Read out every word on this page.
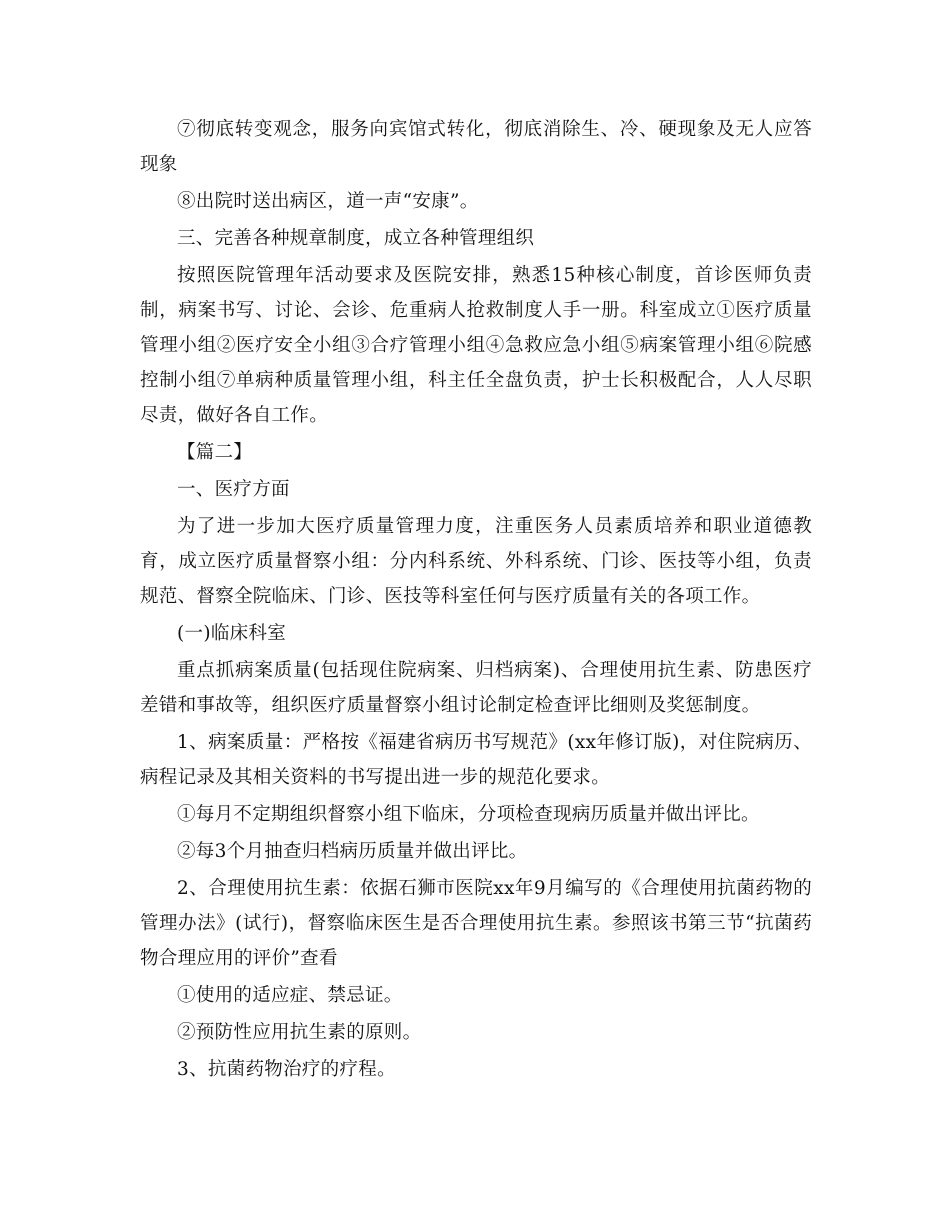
⑦彻底转变观念，服务向宾馆式转化，彻底消除生、冷、硬现象及无人应答现象

⑧出院时送出病区，道一声“安康”。

三、完善各种规章制度，成立各种管理组织

按照医院管理年活动要求及医院安排，熟悉15种核心制度，首诊医师负责制，病案书写、讨论、会诊、危重病人抢救制度人手一册。科室成立①医疗质量管理小组②医疗安全小组③合疗管理小组④急救应急小组⑤病案管理小组⑥院感控制小组⑦单病种质量管理小组，科主任全盘负责，护士长积极配合，人人尽职尽责，做好各自工作。

【篇二】

一、医疗方面

为了进一步加大医疗质量管理力度，注重医务人员素质培养和职业道德教育，成立医疗质量督察小组：分内科系统、外科系统、门诊、医技等小组，负责规范、督察全院临床、门诊、医技等科室任何与医疗质量有关的各项工作。

(一)临床科室

重点抓病案质量(包括现住院病案、归档病案)、合理使用抗生素、防患医疗差错和事故等，组织医疗质量督察小组讨论制定检查评比细则及奖惩制度。

1、病案质量：严格按《福建省病历书写规范》(xx年修订版)，对住院病历、病程记录及其相关资料的书写提出进一步的规范化要求。

①每月不定期组织督察小组下临床，分项检查现病历质量并做出评比。

②每3个月抽查归档病历质量并做出评比。

2、合理使用抗生素：依据石狮市医院xx年9月编写的《合理使用抗菌药物的管理办法》(试行)，督察临床医生是否合理使用抗生素。参照该书第三节“抗菌药物合理应用的评价”查看

①使用的适应症、禁忌证。

②预防性应用抗生素的原则。

3、抗菌药物治疗的疗程。
